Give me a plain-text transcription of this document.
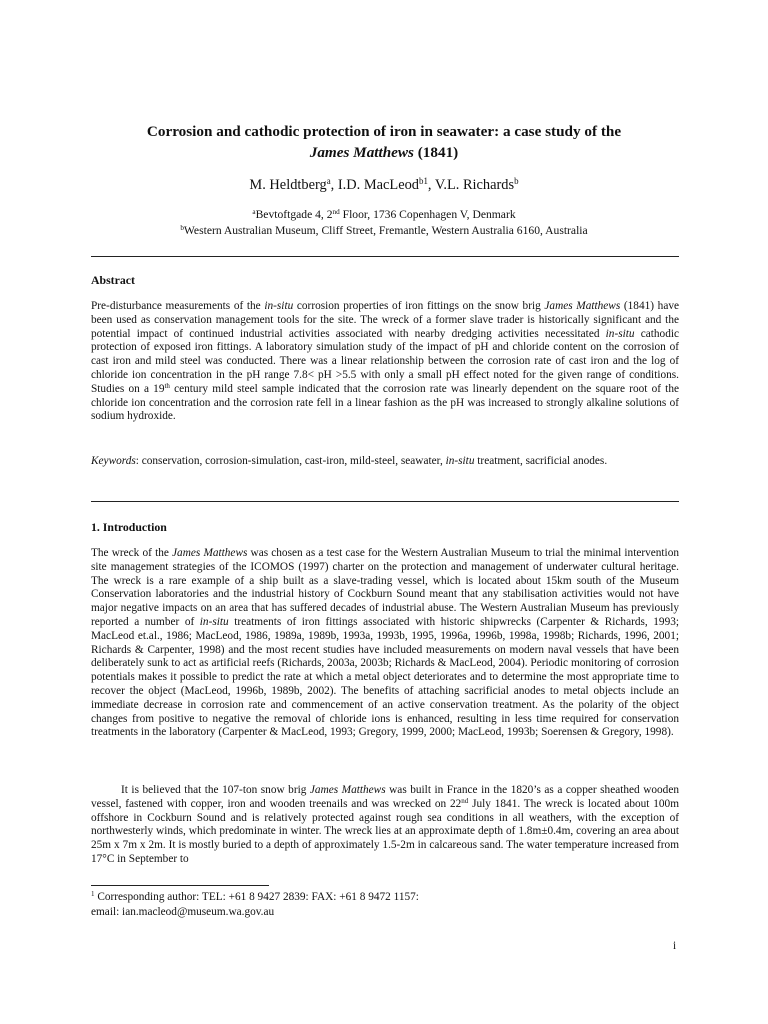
Corrosion and cathodic protection of iron in seawater: a case study of the
James Matthews (1841)
M. Heldtberg$^a$, I.D. MacLeod$^{b1}$, V.L. Richards$^b$
$^a$Bevtoftgade 4, 2nd Floor, 1736 Copenhagen V, Denmark
$^b$Western Australian Museum, Cliff Street, Fremantle, Western Australia 6160, Australia
Abstract

Pre-disturbance measurements of the in-situ corrosion properties of iron fittings on the snow brig James Matthews (1841) have been used as conservation management tools for the site. The wreck of a former slave trader is historically significant and the potential impact of continued industrial activities associated with nearby dredging activities necessitated in-situ cathodic protection of exposed iron fittings. A laboratory simulation study of the impact of pH and chloride content on the corrosion of cast iron and mild steel was conducted. There was a linear relationship between the corrosion rate of cast iron and the log of chloride ion concentration in the pH range 7.8< pH >5.5 with only a small pH effect noted for the given range of conditions. Studies on a 19th century mild steel sample indicated that the corrosion rate was linearly dependent on the square root of the chloride ion concentration and the corrosion rate fell in a linear fashion as the pH was increased to strongly alkaline solutions of sodium hydroxide.

Keywords: conservation, corrosion-simulation, cast-iron, mild-steel, seawater, in-situ treatment, sacrificial anodes.

1. Introduction

The wreck of the James Matthews was chosen as a test case for the Western Australian Museum to trial the minimal intervention site management strategies of the ICOMOS (1997) charter on the protection and management of underwater cultural heritage. The wreck is a rare example of a ship built as a slave-trading vessel, which is located about 15km south of the Museum Conservation laboratories and the industrial history of Cockburn Sound meant that any stabilisation activities would not have major negative impacts on an area that has suffered decades of industrial abuse. The Western Australian Museum has previously reported a number of in-situ treatments of iron fittings associated with historic shipwrecks (Carpenter & Richards, 1993; MacLeod et.al., 1986; MacLeod, 1986, 1989a, 1989b, 1993a, 1993b, 1995, 1996a, 1996b, 1998a, 1998b; Richards, 1996, 2001; Richards & Carpenter, 1998) and the most recent studies have included measurements on modern naval vessels that have been deliberately sunk to act as artificial reefs (Richards, 2003a, 2003b; Richards & MacLeod, 2004). Periodic monitoring of corrosion potentials makes it possible to predict the rate at which a metal object deteriorates and to determine the most appropriate time to recover the object (MacLeod, 1996b, 1989b, 2002). The benefits of attaching sacrificial anodes to metal objects include an immediate decrease in corrosion rate and commencement of an active conservation treatment. As the polarity of the object changes from positive to negative the removal of chloride ions is enhanced, resulting in less time required for conservation treatments in the laboratory (Carpenter & MacLeod, 1993; Gregory, 1999, 2000; MacLeod, 1993b; Soerensen & Gregory, 1998).

It is believed that the 107-ton snow brig James Matthews was built in France in the 1820’s as a copper sheathed wooden vessel, fastened with copper, iron and wooden treenails and was wrecked on 22nd July 1841. The wreck is located about 100m offshore in Cockburn Sound and is relatively protected against rough sea conditions in all weathers, with the exception of northwesterly winds, which predominate in winter. The wreck lies at an approximate depth of 1.8m±0.4m, covering an area about 25m x 7m x 2m. It is mostly buried to a depth of approximately 1.5-2m in calcareous sand. The water temperature increased from 17°C in September to

$^1$ Corresponding author: TEL: +61 8 9427 2839: FAX: +61 8 9472 1157:
email: ian.macleod@museum.wa.gov.au
i
